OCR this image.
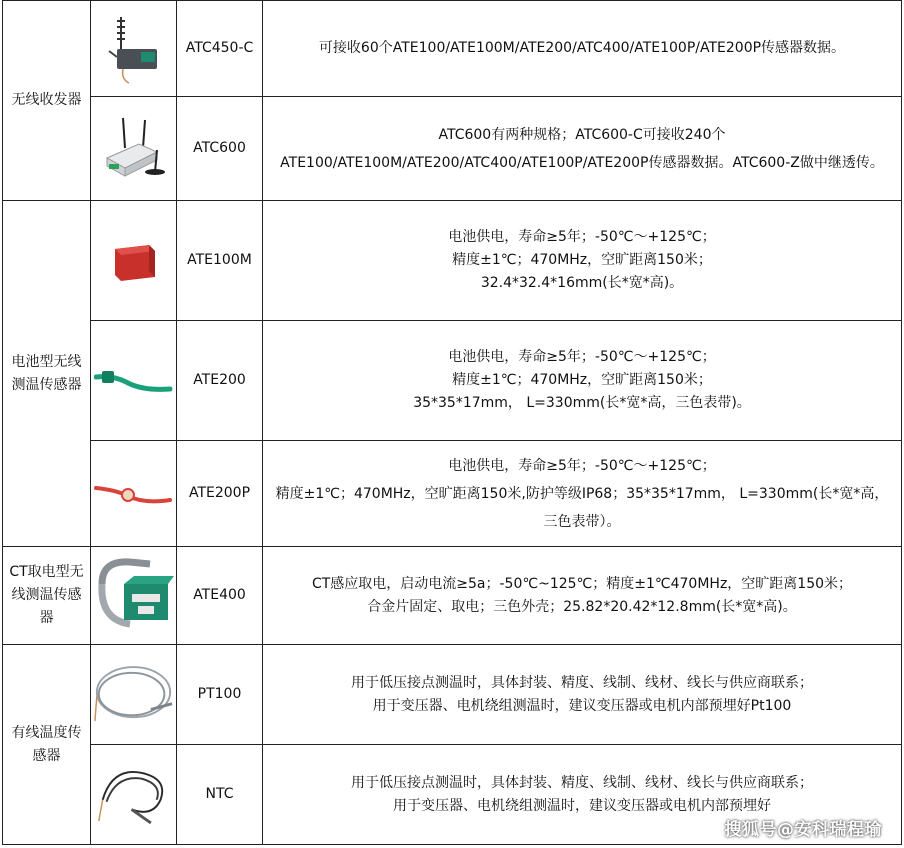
无线收发器		ATC450-C	可接收60个ATE100/ATE100M/ATE200/ATC400/ATE100P/ATE200P传感器数据。

	ATC600	ATC600有两种规格；ATC600-C可接收240个
ATE100/ATE100M/ATE200/ATC400/ATE100P/ATE200P传感器数据。ATC600-Z做中继透传。

电池型无线测温传感器		ATE100M	电池供电，寿命≥5年；-50℃～+125℃；
精度±1℃；470MHz，空旷距离150米；
32.4*32.4*16mm(长*宽*高)。

	ATE200	电池供电，寿命≥5年；-50℃～+125℃；
精度±1℃；470MHz，空旷距离150米；
35*35*17mm， L=330mm(长*宽*高，三色表带)。

	ATE200P	电池供电，寿命≥5年；-50℃～+125℃；
精度±1℃；470MHz，空旷距离150米,防护等级IP68；35*35*17mm， L=330mm(长*宽*高，
三色表带）。

CT取电型无线测温传感器		ATE400	CT感应取电，启动电流≥5a；-50℃~125℃；精度±1℃470MHz，空旷距离150米；
合金片固定、取电；三色外壳；25.82*20.42*12.8mm(长*宽*高)。

有线温度传感器		PT100	用于低压接点测温时，具体封装、精度、线制、线材、线长与供应商联系；
用于变压器、电机绕组测温时，建议变压器或电机内部预埋好Pt100

	NTC	用于低压接点测温时，具体封装、精度、线制、线材、线长与供应商联系；
用于变压器、电机绕组测温时，建议变压器或电机内部预埋好
搜狐号@安科瑞程瑜
